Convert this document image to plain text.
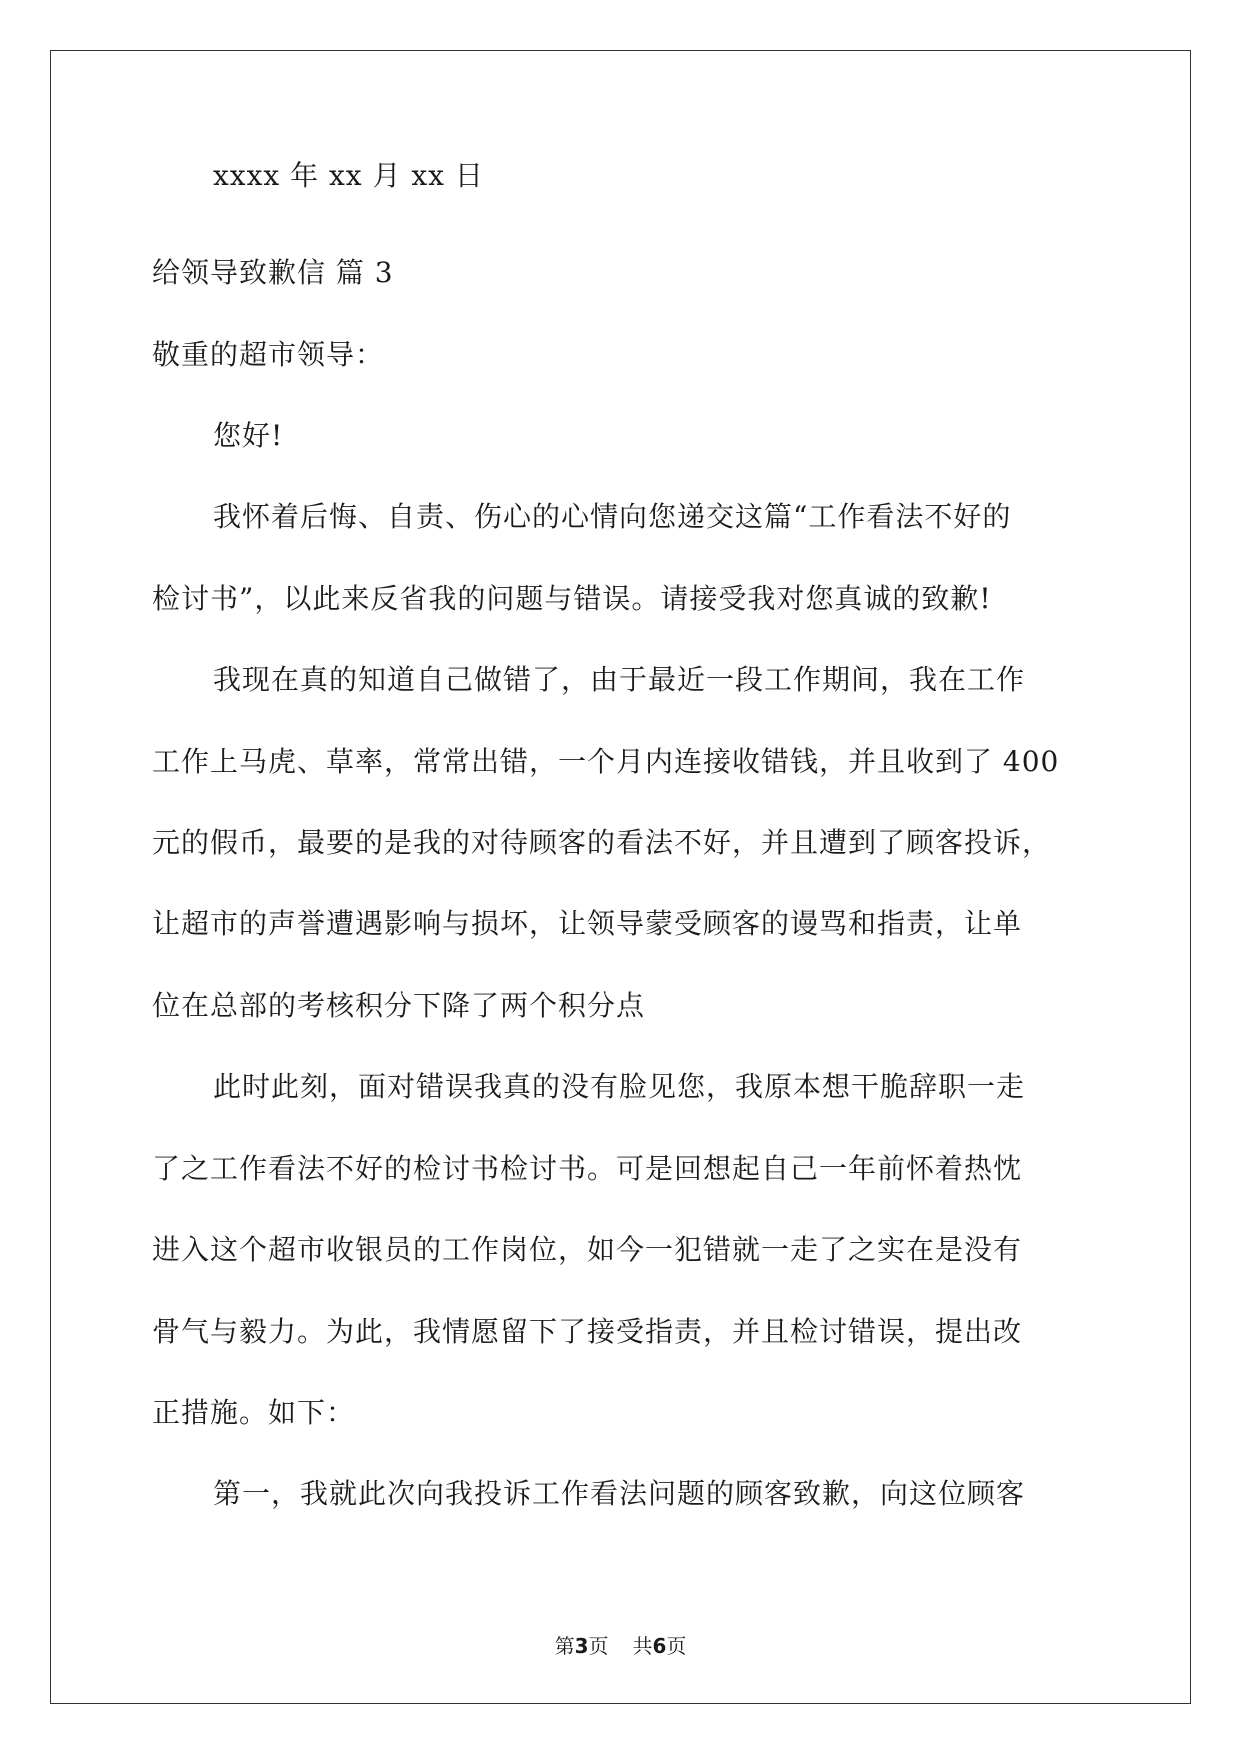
xxxx 年 xx 月 xx 日
给领导致歉信 篇 3
敬重的超市领导：
您好!
我怀着后悔、自责、伤心的心情向您递交这篇“工作看法不好的
检讨书”，以此来反省我的问题与错误。请接受我对您真诚的致歉!
我现在真的知道自己做错了，由于最近一段工作期间，我在工作
工作上马虎、草率，常常出错，一个月内连接收错钱，并且收到了 400
元的假币，最要的是我的对待顾客的看法不好，并且遭到了顾客投诉，
让超市的声誉遭遇影响与损坏，让领导蒙受顾客的谩骂和指责，让单
位在总部的考核积分下降了两个积分点
此时此刻，面对错误我真的没有脸见您，我原本想干脆辞职一走
了之工作看法不好的检讨书检讨书。可是回想起自己一年前怀着热忱
进入这个超市收银员的工作岗位，如今一犯错就一走了之实在是没有
骨气与毅力。为此，我情愿留下了接受指责，并且检讨错误，提出改
正措施。如下：
第一，我就此次向我投诉工作看法问题的顾客致歉，向这位顾客
第3页 共6页
